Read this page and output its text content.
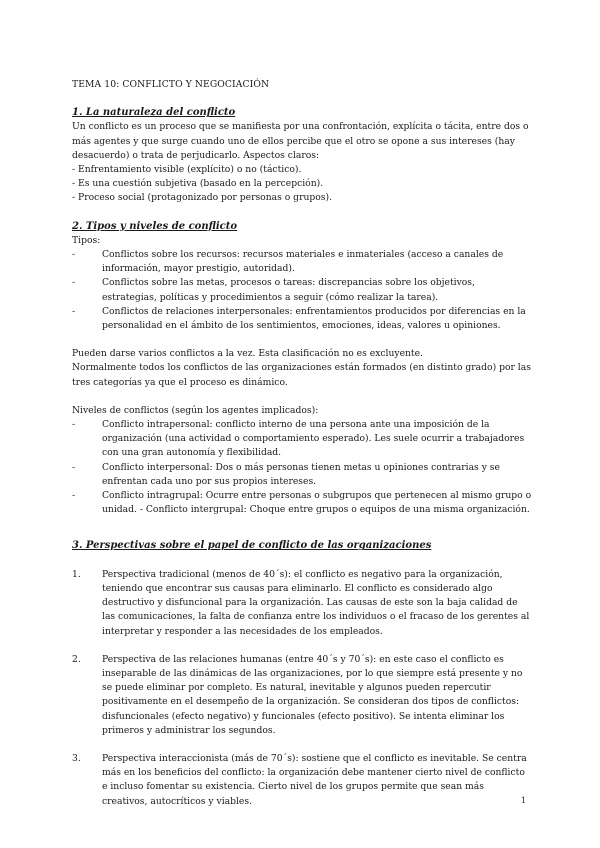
TEMA 10: CONFLICTO Y NEGOCIACIÓN

1. La naturaleza del conflicto

Un conflicto es un proceso que se manifiesta por una confrontación, explícita o tácita, entre dos o más agentes y que surge cuando uno de ellos percibe que el otro se opone a sus intereses (hay desacuerdo) o trata de perjudicarlo. Aspectos claros:

- Enfrentamiento visible (explícito) o no (táctico).

- Es una cuestión subjetiva (basado en la percepción).

- Proceso social (protagonizado por personas o grupos).

2. Tipos y niveles de conflicto

Tipos:

-	Conflictos sobre los recursos: recursos materiales e inmateriales (acceso a canales de información, mayor prestigio, autoridad).
-	Conflictos sobre las metas, procesos o tareas: discrepancias sobre los objetivos, estrategias, políticas y procedimientos a seguir (cómo realizar la tarea).
-	Conflictos de relaciones interpersonales: enfrentamientos producidos por diferencias en la personalidad en el ámbito de los sentimientos, emociones, ideas, valores u opiniones.

Pueden darse varios conflictos a la vez. Esta clasificación no es excluyente.

Normalmente todos los conflictos de las organizaciones están formados (en distinto grado) por las tres categorías ya que el proceso es dinámico.

Niveles de conflictos (según los agentes implicados):

-	Conflicto intrapersonal: conflicto interno de una persona ante una imposición de la organización (una actividad o comportamiento esperado). Les suele ocurrir a trabajadores con una gran autonomía y flexibilidad.
-	Conflicto interpersonal: Dos o más personas tienen metas u opiniones contrarias y se enfrentan cada uno por sus propios intereses.
-	Conflicto intragrupal: Ocurre entre personas o subgrupos que pertenecen al mismo grupo o unidad. - Conflicto intergrupal: Choque entre grupos o equipos de una misma organización.

3. Perspectivas sobre el papel de conflicto de las organizaciones

1.	Perspectiva tradicional (menos de 40´s): el conflicto es negativo para la organización, teniendo que encontrar sus causas para eliminarlo. El conflicto es considerado algo destructivo y disfuncional para la organización. Las causas de este son la baja calidad de las comunicaciones, la falta de confianza entre los individuos o el fracaso de los gerentes al interpretar y responder a las necesidades de los empleados.
2.	Perspectiva de las relaciones humanas (entre 40´s y 70´s): en este caso el conflicto es inseparable de las dinámicas de las organizaciones, por lo que siempre está presente y no se puede eliminar por completo. Es natural, inevitable y algunos pueden repercutir positivamente en el desempeño de la organización. Se consideran dos tipos de conflictos: disfuncionales (efecto negativo) y funcionales (efecto positivo). Se intenta eliminar los primeros y administrar los segundos.
3.	Perspectiva interaccionista (más de 70´s): sostiene que el conflicto es inevitable. Se centra más en los beneficios del conflicto: la organización debe mantener cierto nivel de conflicto e incluso fomentar su existencia. Cierto nivel de los grupos permite que sean más creativos, autocríticos y viables.	1
